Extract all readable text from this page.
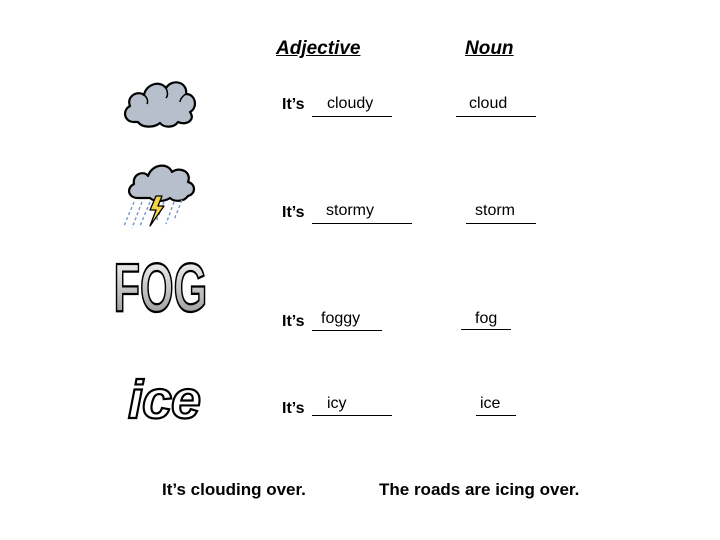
Adjective	Noun
It’s cloudy	cloud
It’s stormy	storm
FOG	It’s foggy	fog
ice	It’s icy	ice
It’s clouding over.	The roads are icing over.
